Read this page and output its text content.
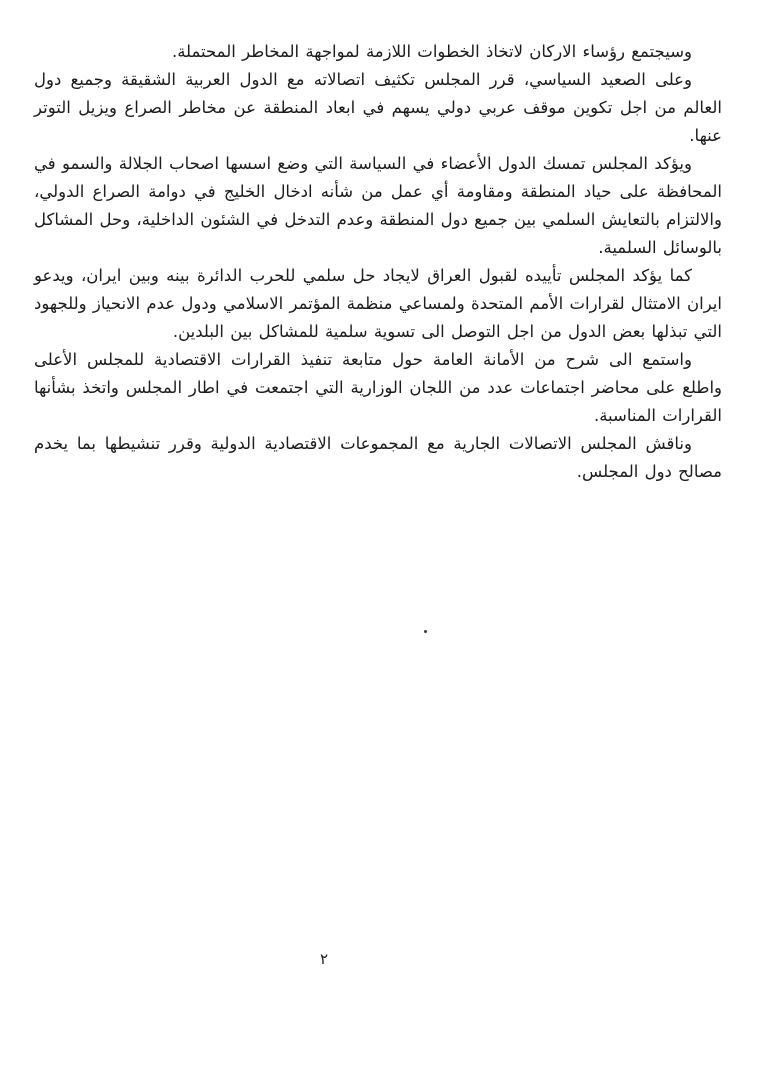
وسيجتمع رؤساء الاركان لاتخاذ الخطوات اللازمة لمواجهة المخاطر المحتملة.

وعلى الصعيد السياسي، قرر المجلس تكثيف اتصالاته مع الدول العربية الشقيقة وجميع دول العالم من اجل تكوين موقف عربي دولي يسهم في ابعاد المنطقة عن مخاطر الصراع ويزيل التوتر عنها.

ويؤكد المجلس تمسك الدول الأعضاء في السياسة التي وضع اسسها اصحاب الجلالة والسمو في المحافظة على حياد المنطقة ومقاومة أي عمل من شأنه ادخال الخليج في دوامة الصراع الدولي، والالتزام بالتعايش السلمي بين جميع دول المنطقة وعدم التدخل في الشئون الداخلية، وحل المشاكل بالوسائل السلمية.

كما يؤكد المجلس تأييده لقبول العراق لايجاد حل سلمي للحرب الدائرة بينه وبين ايران، ويدعو ايران الامتثال لقرارات الأمم المتحدة ولمساعي منظمة المؤتمر الاسلامي ودول عدم الانحياز وللجهود التي تبذلها بعض الدول من اجل التوصل الى تسوية سلمية للمشاكل بين البلدين.

واستمع الى شرح من الأمانة العامة حول متابعة تنفيذ القرارات الاقتصادية للمجلس الأعلى واطلع على محاضر اجتماعات عدد من اللجان الوزارية التي اجتمعت في اطار المجلس واتخذ بشأنها القرارات المناسبة.

وناقش المجلس الاتصالات الجارية مع المجموعات الاقتصادية الدولية وقرر تنشيطها بما يخدم مصالح دول المجلس.

٢
